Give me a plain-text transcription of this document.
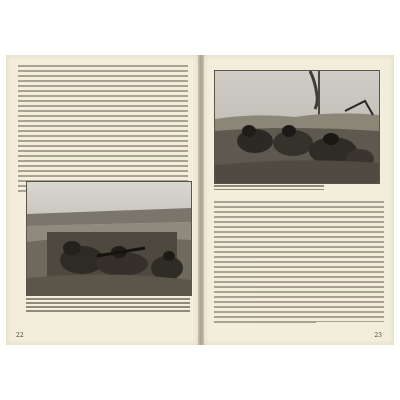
22	23
